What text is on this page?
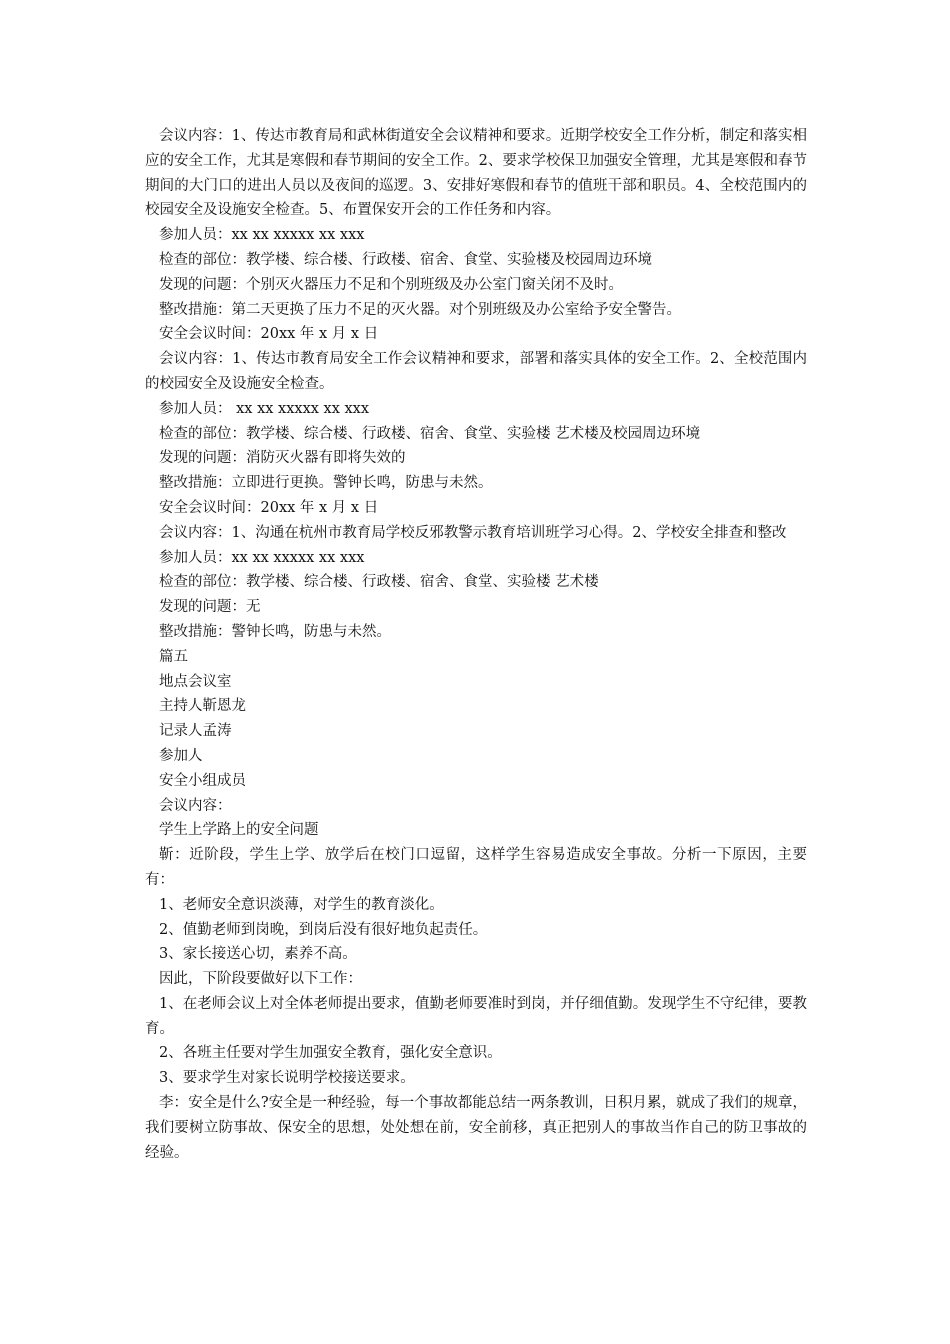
会议内容：1、传达市教育局和武林街道安全会议精神和要求。近期学校安全工作分析，制定和落实相应的安全工作，尤其是寒假和春节期间的安全工作。2、要求学校保卫加强安全管理，尤其是寒假和春节期间的大门口的进出人员以及夜间的巡逻。3、安排好寒假和春节的值班干部和职员。4、全校范围内的校园安全及设施安全检查。5、布置保安开会的工作任务和内容。

参加人员：xx xx xxxxx xx xxx

检查的部位：教学楼、综合楼、行政楼、宿舍、食堂、实验楼及校园周边环境

发现的问题：个别灭火器压力不足和个别班级及办公室门窗关闭不及时。

整改措施：第二天更换了压力不足的灭火器。对个别班级及办公室给予安全警告。

安全会议时间：20xx 年 x 月 x 日

会议内容：1、传达市教育局安全工作会议精神和要求，部署和落实具体的安全工作。2、全校范围内的校园安全及设施安全检查。

参加人员： xx xx xxxxx xx xxx

检查的部位：教学楼、综合楼、行政楼、宿舍、食堂、实验楼 艺术楼及校园周边环境

发现的问题：消防灭火器有即将失效的

整改措施：立即进行更换。警钟长鸣，防患与未然。

安全会议时间：20xx 年 x 月 x 日

会议内容：1、沟通在杭州市教育局学校反邪教警示教育培训班学习心得。2、学校安全排查和整改

参加人员：xx xx xxxxx xx xxx

检查的部位：教学楼、综合楼、行政楼、宿舍、食堂、实验楼 艺术楼

发现的问题：无

整改措施：警钟长鸣，防患与未然。

篇五

地点会议室

主持人靳恩龙

记录人孟涛

参加人

安全小组成员

会议内容：

学生上学路上的安全问题

靳：近阶段，学生上学、放学后在校门口逗留，这样学生容易造成安全事故。分析一下原因，主要有：

1、老师安全意识淡薄，对学生的教育淡化。

2、值勤老师到岗晚，到岗后没有很好地负起责任。

3、家长接送心切，素养不高。

因此，下阶段要做好以下工作：

1、在老师会议上对全体老师提出要求，值勤老师要准时到岗，并仔细值勤。发现学生不守纪律，要教育。

2、各班主任要对学生加强安全教育，强化安全意识。

3、要求学生对家长说明学校接送要求。

李：安全是什么?安全是一种经验，每一个事故都能总结一两条教训，日积月累，就成了我们的规章，我们要树立防事故、保安全的思想，处处想在前，安全前移，真正把别人的事故当作自己的防卫事故的经验。
